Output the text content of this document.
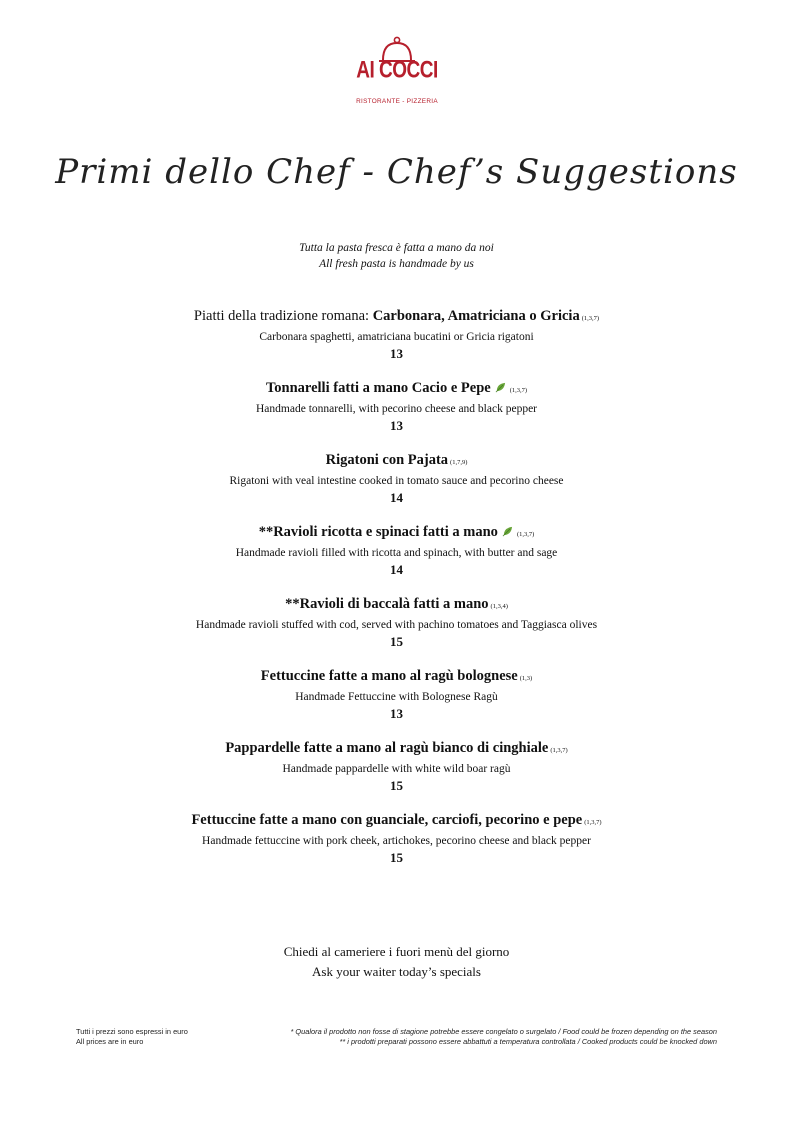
AI COCCI
RISTORANTE - PIZZERIA
Primi dello Chef - Chef’s Suggestions
Tutta la pasta fresca è fatta a mano da noi
All fresh pasta is handmade by us
Piatti della tradizione romana: Carbonara, Amatriciana o Gricia (1,3,7)
Carbonara spaghetti, amatriciana bucatini or Gricia rigatoni
13
Tonnarelli fatti a mano Cacio e Pepe	(1,3,7)
Handmade tonnarelli, with pecorino cheese and black pepper
13
Rigatoni con Pajata (1,7,9)
Rigatoni with veal intestine cooked in tomato sauce and pecorino cheese
14
**Ravioli ricotta e spinaci fatti a mano	(1,3,7)
Handmade ravioli filled with ricotta and spinach, with butter and sage
14
**Ravioli di baccalà fatti a mano (1,3,4)
Handmade ravioli stuffed with cod, served with pachino tomatoes and Taggiasca olives
15
Fettuccine fatte a mano al ragù bolognese (1,3)
Handmade Fettuccine with Bolognese Ragù
13
Pappardelle fatte a mano al ragù bianco di cinghiale (1,3,7)
Handmade pappardelle with white wild boar ragù
15
Fettuccine fatte a mano con guanciale, carciofi, pecorino e pepe (1,3,7)
Handmade fettuccine with pork cheek, artichokes, pecorino cheese and black pepper
15
Chiedi al cameriere i fuori menù del giorno
Ask your waiter today’s specials
Tutti i prezzi sono espressi in euro
All prices are in euro
* Qualora il prodotto non fosse di stagione potrebbe essere congelato o surgelato / Food could be frozen depending on the season
** i prodotti preparati possono essere abbattuti a temperatura controllata / Cooked products could be knocked down
